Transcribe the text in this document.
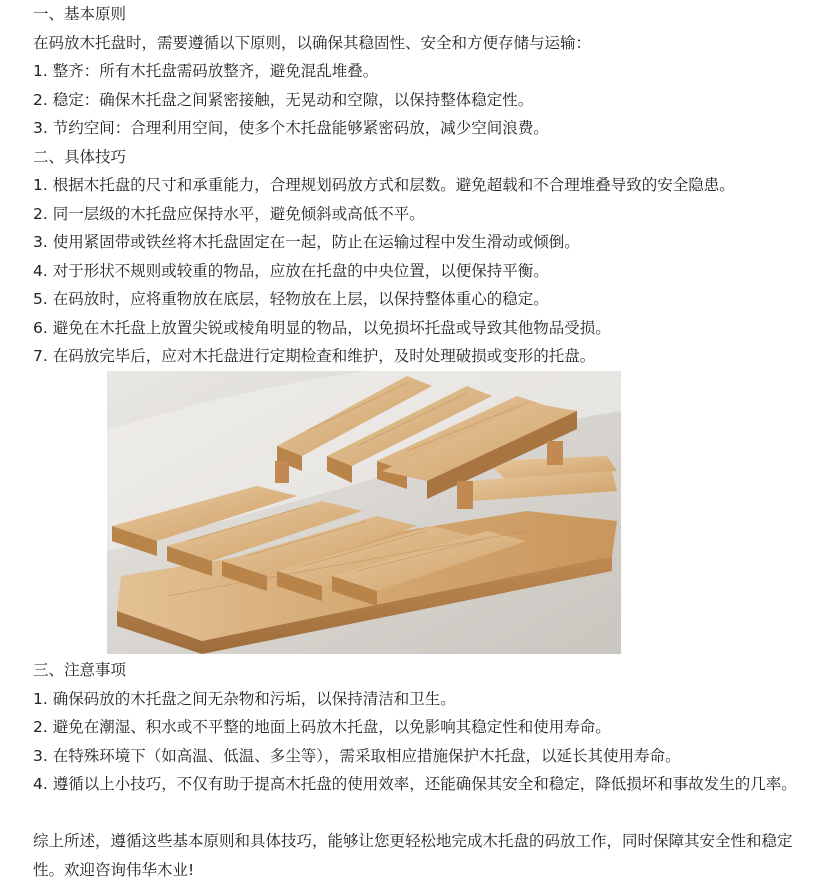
一、基本原则
在码放木托盘时，需要遵循以下原则，以确保其稳固性、安全和方便存储与运输：
1. 整齐：所有木托盘需码放整齐，避免混乱堆叠。
2. 稳定：确保木托盘之间紧密接触，无晃动和空隙，以保持整体稳定性。
3. 节约空间：合理利用空间，使多个木托盘能够紧密码放，减少空间浪费。
二、具体技巧
1. 根据木托盘的尺寸和承重能力，合理规划码放方式和层数。避免超载和不合理堆叠导致的安全隐患。
2. 同一层级的木托盘应保持水平，避免倾斜或高低不平。
3. 使用紧固带或铁丝将木托盘固定在一起，防止在运输过程中发生滑动或倾倒。
4. 对于形状不规则或较重的物品，应放在托盘的中央位置，以便保持平衡。
5. 在码放时，应将重物放在底层，轻物放在上层，以保持整体重心的稳定。
6. 避免在木托盘上放置尖锐或棱角明显的物品，以免损坏托盘或导致其他物品受损。
7. 在码放完毕后，应对木托盘进行定期检查和维护，及时处理破损或变形的托盘。
三、注意事项
1. 确保码放的木托盘之间无杂物和污垢，以保持清洁和卫生。
2. 避免在潮湿、积水或不平整的地面上码放木托盘，以免影响其稳定性和使用寿命。
3. 在特殊环境下（如高温、低温、多尘等），需采取相应措施保护木托盘，以延长其使用寿命。
4. 遵循以上小技巧，不仅有助于提高木托盘的使用效率，还能确保其安全和稳定，降低损坏和事故发生的几率。
综上所述，遵循这些基本原则和具体技巧，能够让您更轻松地完成木托盘的码放工作，同时保障其安全性和稳定性。欢迎咨询伟华木业!
